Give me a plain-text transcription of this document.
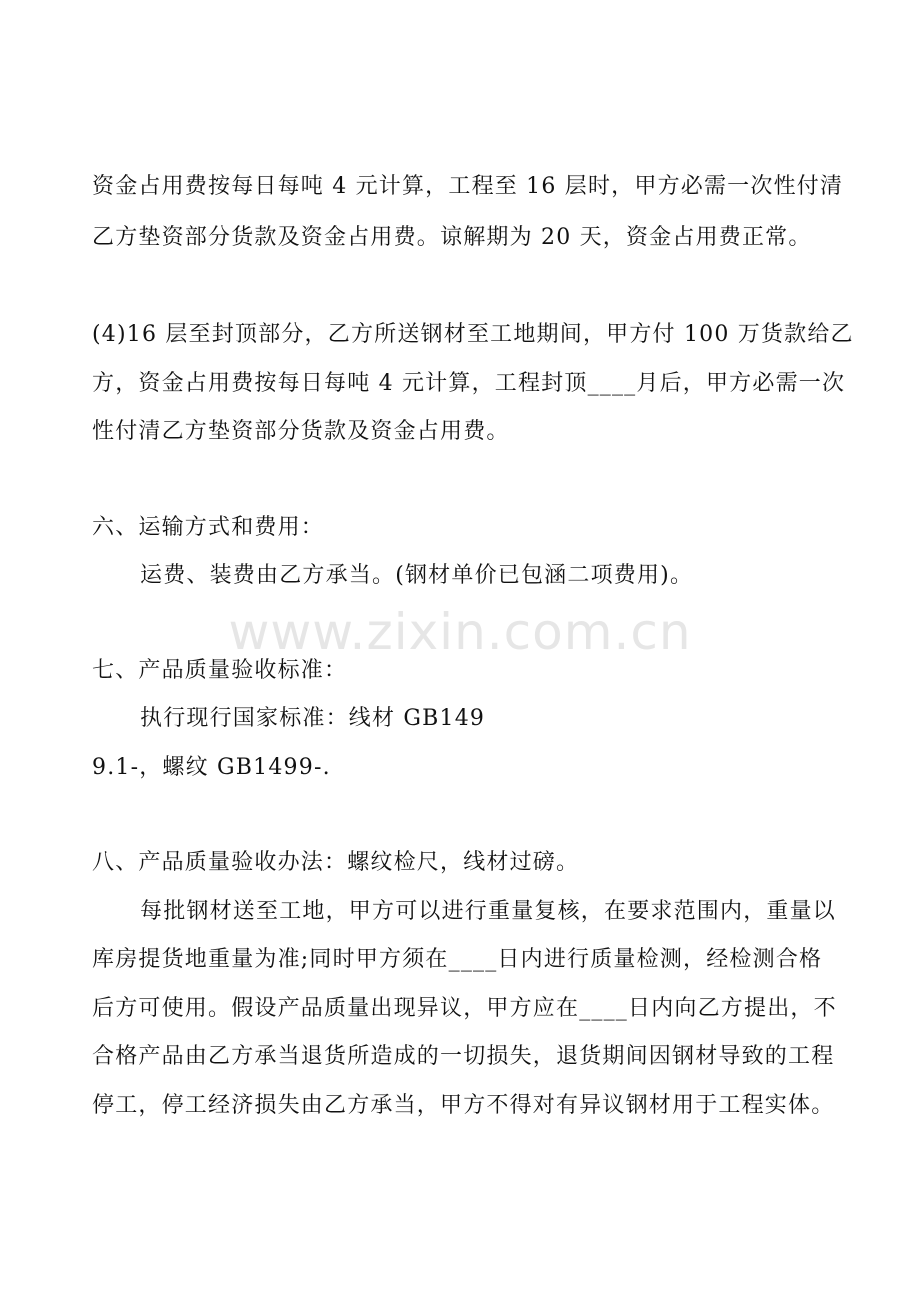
www.zixin.com.cn
资金占用费按每日每吨 4 元计算，工程至 16 层时，甲方必需一次性付清
乙方垫资部分货款及资金占用费。谅解期为 20 天，资金占用费正常。
(4)16 层至封顶部分，乙方所送钢材至工地期间，甲方付 100 万货款给乙
方，资金占用费按每日每吨 4 元计算，工程封顶____月后，甲方必需一次
性付清乙方垫资部分货款及资金占用费。
六、运输方式和费用：
运费、装费由乙方承当。(钢材单价已包涵二项费用)。
七、产品质量验收标准：
执行现行国家标准：线材 GB149
9.1-，螺纹 GB1499-.
八、产品质量验收办法：螺纹检尺，线材过磅。
每批钢材送至工地，甲方可以进行重量复核，在要求范围内，重量以
库房提货地重量为准;同时甲方须在____日内进行质量检测，经检测合格
后方可使用。假设产品质量出现异议，甲方应在____日内向乙方提出，不
合格产品由乙方承当退货所造成的一切损失，退货期间因钢材导致的工程
停工，停工经济损失由乙方承当，甲方不得对有异议钢材用于工程实体。
